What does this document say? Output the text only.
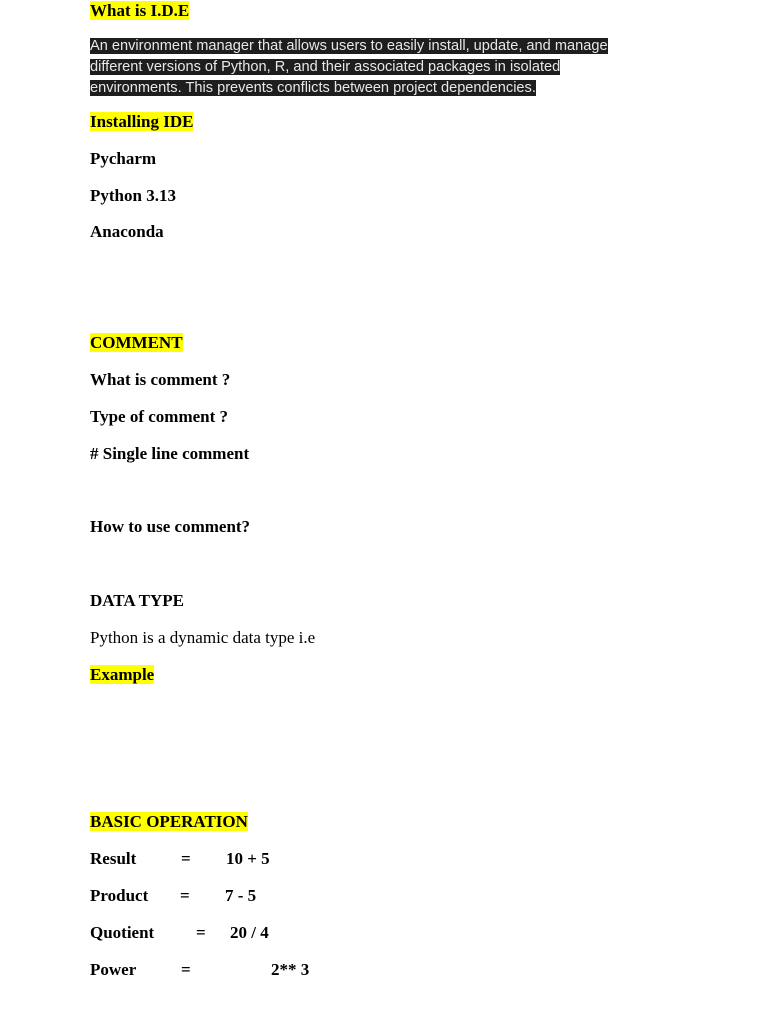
What is I.D.E
An environment manager that allows users to easily install, update, and manage different versions of Python, R, and their associated packages in isolated environments. This prevents conflicts between project dependencies.
Installing IDE
Pycharm
Python 3.13
Anaconda
COMMENT
What is comment ?
Type of comment ?
# Single line comment
How to use comment?
DATA TYPE
Python is a dynamic data type i.e
Example
BASIC OPERATION
Result	= 10 + 5
Product = 7 - 5
Quotient = 20 / 4
Power	=	2** 3
